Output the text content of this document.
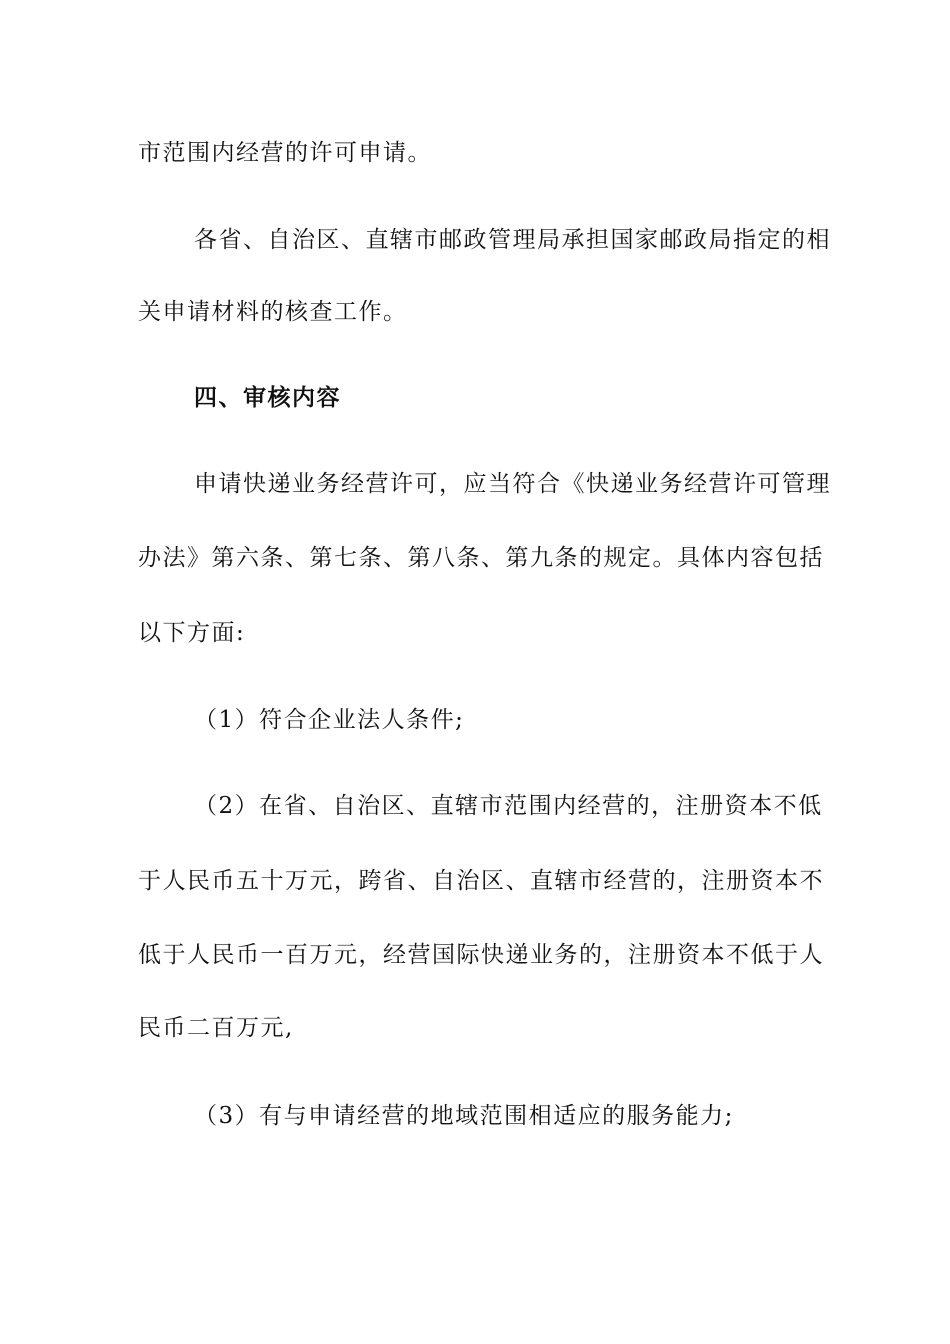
市范围内经营的许可申请。
各省、自治区、直辖市邮政管理局承担国家邮政局指定的相
关申请材料的核查工作。
四、审核内容
申请快递业务经营许可，应当符合《快递业务经营许可管理
办法》第六条、第七条、第八条、第九条的规定。具体内容包括
以下方面:
（1）符合企业法人条件;
（2）在省、自治区、直辖市范围内经营的，注册资本不低
于人民币五十万元，跨省、自治区、直辖市经营的，注册资本不
低于人民币一百万元，经营国际快递业务的，注册资本不低于人
民币二百万元,
（3）有与申请经营的地域范围相适应的服务能力;
